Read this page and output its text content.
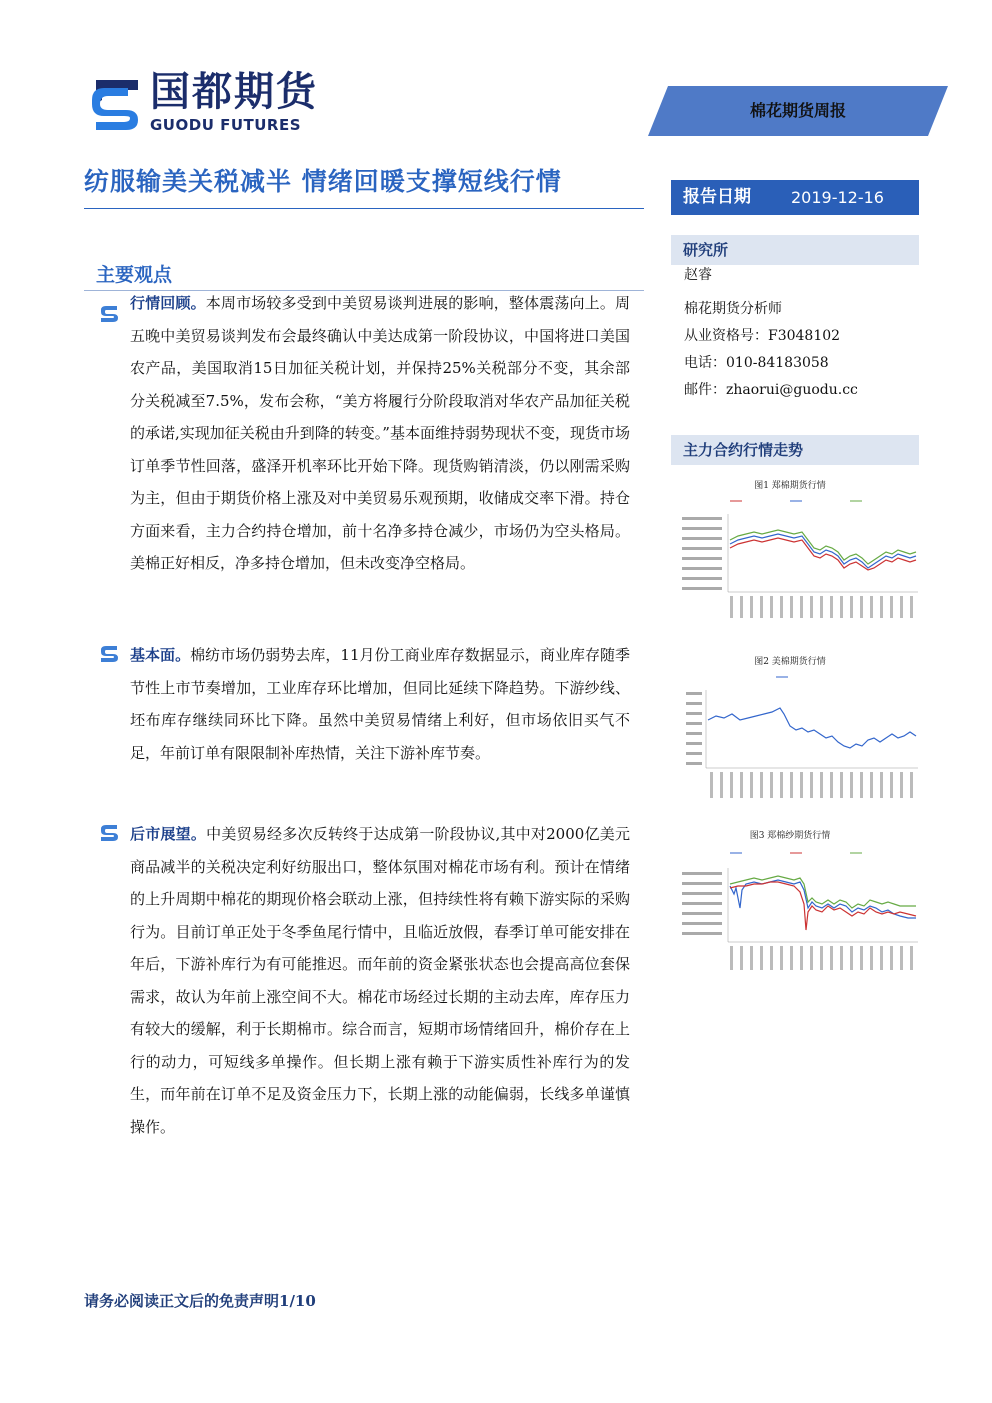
国都期货
GUODU FUTURES
棉花期货周报
纺服输美关税减半 情绪回暖支撑短线行情
报告日期	2019-12-16
研究所
赵睿
棉花期货分析师
从业资格号：F3048102
电话：010-84183058
邮件：zhaorui@guodu.cc
主力合约行情走势
主要观点
行情回顾。本周市场较多受到中美贸易谈判进展的影响，整体震荡向上。周五晚中美贸易谈判发布会最终确认中美达成第一阶段协议，中国将进口美国农产品，美国取消15日加征关税计划，并保持25%关税部分不变，其余部分关税减至7.5%，发布会称，“美方将履行分阶段取消对华农产品加征关税的承诺,实现加征关税由升到降的转变。”基本面维持弱势现状不变，现货市场订单季节性回落，盛泽开机率环比开始下降。现货购销清淡，仍以刚需采购为主，但由于期货价格上涨及对中美贸易乐观预期，收储成交率下滑。持仓方面来看，主力合约持仓增加，前十名净多持仓减少，市场仍为空头格局。美棉正好相反，净多持仓增加，但未改变净空格局。
基本面。棉纺市场仍弱势去库，11月份工商业库存数据显示，商业库存随季节性上市节奏增加，工业库存环比增加，但同比延续下降趋势。下游纱线、坯布库存继续同环比下降。虽然中美贸易情绪上利好，但市场依旧买气不足，年前订单有限限制补库热情，关注下游补库节奏。
后市展望。中美贸易经多次反转终于达成第一阶段协议,其中对2000亿美元商品减半的关税决定利好纺服出口，整体氛围对棉花市场有利。预计在情绪的上升周期中棉花的期现价格会联动上涨，但持续性将有赖下游实际的采购行为。目前订单正处于冬季鱼尾行情中，且临近放假，春季订单可能安排在年后，下游补库行为有可能推迟。而年前的资金紧张状态也会提高高位套保需求，故认为年前上涨空间不大。棉花市场经过长期的主动去库，库存压力有较大的缓解，利于长期棉市。综合而言，短期市场情绪回升，棉价存在上行的动力，可短线多单操作。但长期上涨有赖于下游实质性补库行为的发生，而年前在订单不足及资金压力下，长期上涨的动能偏弱，长线多单谨慎操作。
图1 郑棉期货行情
图2 美棉期货行情
图3 郑棉纱期货行情
请务必阅读正文后的免责声明1/10
